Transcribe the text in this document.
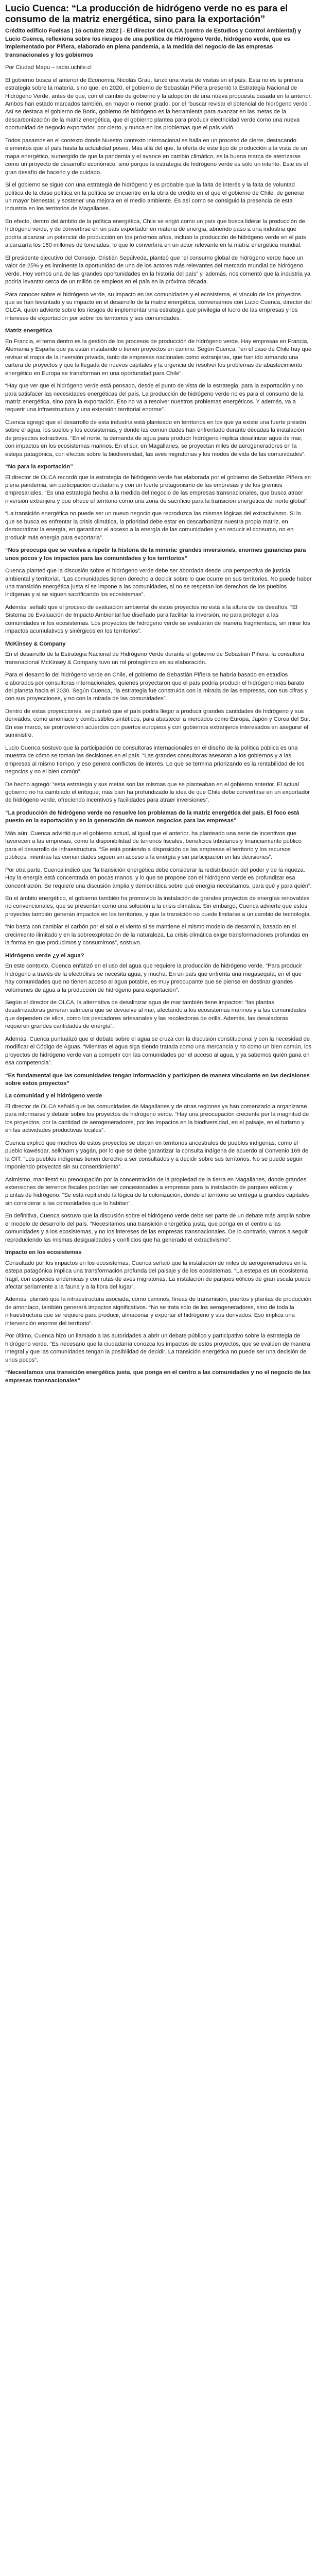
Lucio Cuenca: “La producción de hidrógeno verde no es para el consumo de la matriz energética, sino para la exportación”

Crédito edificio Fuelsas | 16 octubre 2022 | - El director del OLCA (centro de Estudios y Control Ambiental) y Lucio Cuenca, reflexiona sobre los riesgos de una política de Hidrógeno Verde, hidrógeno verde, que es implementado por Piñera, elaborado en plena pandemia, a la medida del negocio de las empresas transnacionales y los gobiernos

Por Ciudad Mapu – radio.uchile.cl

El gobierno busca el anterior de Economía, Nicolás Grau, lanzó una visita de visitas en el país. Esta no es la primera estrategia sobre la materia, sino que, en 2020, el gobierno de Sebastián Piñera presentó la Estrategia Nacional de Hidrógeno Verde, antes de que, con el cambio de gobierno y la adopción de una nueva propuesta basada en la anterior. Ambos han estado marcados también, en mayor o menor grado, por el “buscar revisar el potencial de hidrógeno verde”. Así se destaca el gobierno de Boric, gobierno de hidrógeno es la herramienta para avanzar en las metas de la descarbonización de la matriz energética, que el gobierno plantea para producir electricidad verde como una nueva oportunidad de negocio exportador, por cierto, y nunca en los problemas que el país vivió.

Todos pasamos en el contexto donde Nuestro contexto internacional se halla en un proceso de cierre, destacando elementos que el país hasta la actualidad posee. Más allá del que, la oferta de este tipo de producción a la vista de un mapa energético, sumergido de que la pandemia y el avance en cambio climático, es la buena marca de aterrizarse como un proyecto de desarrollo económico, sino porque la estrategia de hidrógeno verde es sólo un intento. Este es el gran desafío de hacerlo y de cuidado.

Si el gobierno se sigue con una estrategia de hidrógeno y es probable que la falta de interés y la falta de voluntad política de la clase política en la política se encuentre en la obra de crédito en el que el gobierno de Chile, de generar un mayor bienestar, y sostener una mejora en el medio ambiente. Es así como se consiguió la presencia de esta industria en los territorios de Magallanes.

En efecto, dentro del ámbito de la política energética, Chile se erigió como un país que busca liderar la producción de hidrógeno verde, y de convertirse en un país exportador en materia de energía, abriendo paso a una industria que podría alcanzar un potencial de producción en los próximos años, incluso la producción de hidrógeno verde en el país alcanzaría los 160 millones de toneladas, lo que lo convertiría en un actor relevante en la matriz energética mundial.

El presidente ejecutivo del Consejo, Cristián Sepúlveda, planteó que “el consumo global de hidrógeno verde hace un valor de 25% y es inminente la oportunidad de uno de los actores más relevantes del mercado mundial de hidrógeno verde. Hoy vemos una de las grandes oportunidades en la historia del país” y, además, nos comentó que la industria ya podría levantar cerca de un millón de empleos en el país en la próxima década.

Para conocer sobre el hidrógeno verde, su impacto en las comunidades y el ecosistema, el vínculo de los proyectos que se han levantado y su impacto en el desarrollo de la matriz energética, conversamos con Lucio Cuenca, director del OLCA, quien advierte sobre los riesgos de implementar una estrategia que privilegia el lucro de las empresas y los intereses de exportación por sobre los territorios y sus comunidades.

Matriz energética

En Francia, el tema dentro es la gestión de los procesos de producción de hidrógeno verde. Hay empresas en Francia, Alemania y España que ya están instalando o tienen proyectos en camino. Según Cuenca, “en el caso de Chile hay que revisar el mapa de la inversión privada, tanto de empresas nacionales como extranjeras, que han ido armando una cartera de proyectos y que la llegada de nuevos capitales y la urgencia de resolver los problemas de abastecimiento energético en Europa se transforman en una oportunidad para Chile”.

“Hay que ver que el hidrógeno verde está pensado, desde el punto de vista de la estrategia, para la exportación y no para satisfacer las necesidades energéticas del país. La producción de hidrógeno verde no es para el consumo de la matriz energética, sino para la exportación. Eso no va a resolver nuestros problemas energéticos. Y además, va a requerir una infraestructura y una extensión territorial enorme”.

Cuenca agregó que el desarrollo de esta industria está planteado en territorios en los que ya existe una fuerte presión sobre el agua, los suelos y los ecosistemas, y donde las comunidades han enfrentado durante décadas la instalación de proyectos extractivos. “En el norte, la demanda de agua para producir hidrógeno implica desalinizar agua de mar, con impactos en los ecosistemas marinos. En el sur, en Magallanes, se proyectan miles de aerogeneradores en la estepa patagónica, con efectos sobre la biodiversidad, las aves migratorias y los modos de vida de las comunidades”.

“No para la exportación”

El director de OLCA recordó que la estrategia de hidrógeno verde fue elaborada por el gobierno de Sebastián Piñera en plena pandemia, sin participación ciudadana y con un fuerte protagonismo de las empresas y de los gremios empresariales. “Es una estrategia hecha a la medida del negocio de las empresas transnacionales, que busca atraer inversión extranjera y que ofrece el territorio como una zona de sacrificio para la transición energética del norte global”.

“La transición energética no puede ser un nuevo negocio que reproduzca las mismas lógicas del extractivismo. Si lo que se busca es enfrentar la crisis climática, la prioridad debe estar en descarbonizar nuestra propia matriz, en democratizar la energía, en garantizar el acceso a la energía de las comunidades y en reducir el consumo, no en producir más energía para exportarla”.

“Nos preocupa que se vuelva a repetir la historia de la minería: grandes inversiones, enormes ganancias para unos pocos y los impactos para las comunidades y los territorios”

Cuenca planteó que la discusión sobre el hidrógeno verde debe ser abordada desde una perspectiva de justicia ambiental y territorial. “Las comunidades tienen derecho a decidir sobre lo que ocurre en sus territorios. No puede haber una transición energética justa si se impone a las comunidades, si no se respetan los derechos de los pueblos indígenas y si se siguen sacrificando los ecosistemas”.

Además, señaló que el proceso de evaluación ambiental de estos proyectos no está a la altura de los desafíos. “El Sistema de Evaluación de Impacto Ambiental fue diseñado para facilitar la inversión, no para proteger a las comunidades ni los ecosistemas. Los proyectos de hidrógeno verde se evaluarán de manera fragmentada, sin mirar los impactos acumulativos y sinérgicos en los territorios”.

McKinsey & Company

En el desarrollo de la Estrategia Nacional de Hidrógeno Verde durante el gobierno de Sebastián Piñera, la consultora transnacional McKinsey & Company tuvo un rol protagónico en su elaboración.

Para el desarrollo del hidrógeno verde en Chile, el gobierno de Sebastián Piñera se habría basado en estudios elaborados por consultoras internacionales, quienes proyectaron que el país podría producir el hidrógeno más barato del planeta hacia el 2030. Según Cuenca, “la estrategia fue construida con la mirada de las empresas, con sus cifras y con sus proyecciones, y no con la mirada de las comunidades”.

Dentro de estas proyecciones, se planteó que el país podría llegar a producir grandes cantidades de hidrógeno y sus derivados, como amoníaco y combustibles sintéticos, para abastecer a mercados como Europa, Japón y Corea del Sur. En ese marco, se promovieron acuerdos con puertos europeos y con gobiernos extranjeros interesados en asegurar el suministro.

Lucio Cuenca sostuvo que la participación de consultoras internacionales en el diseño de la política pública es una muestra de cómo se toman las decisiones en el país. “Las grandes consultoras asesoran a los gobiernos y a las empresas al mismo tiempo, y eso genera conflictos de interés. Lo que se termina priorizando es la rentabilidad de los negocios y no el bien común”.

De hecho agregó: “esta estrategia y sus metas son las mismas que se planteaban en el gobierno anterior. El actual gobierno no ha cambiado el enfoque; más bien ha profundizado la idea de que Chile debe convertirse en un exportador de hidrógeno verde, ofreciendo incentivos y facilidades para atraer inversiones”.

“La producción de hidrógeno verde no resuelve los problemas de la matriz energética del país. El foco está puesto en la exportación y en la generación de nuevos negocios para las empresas”

Más aún, Cuenca advirtió que el gobierno actual, al igual que el anterior, ha planteado una serie de incentivos que favorecen a las empresas, como la disponibilidad de terrenos fiscales, beneficios tributarios y financiamiento público para el desarrollo de infraestructura. “Se está poniendo a disposición de las empresas el territorio y los recursos públicos, mientras las comunidades siguen sin acceso a la energía y sin participación en las decisiones”.

Por otra parte, Cuenca indicó que “la transición energética debe considerar la redistribución del poder y de la riqueza. Hoy la energía está concentrada en pocas manos, y lo que se propone con el hidrógeno verde es profundizar esa concentración. Se requiere una discusión amplia y democrática sobre qué energía necesitamos, para qué y para quién”.

En el ámbito energético, el gobierno también ha promovido la instalación de grandes proyectos de energías renovables no convencionales, que se presentan como una solución a la crisis climática. Sin embargo, Cuenca advierte que estos proyectos también generan impactos en los territorios, y que la transición no puede limitarse a un cambio de tecnología.

“No basta con cambiar el carbón por el sol o el viento si se mantiene el mismo modelo de desarrollo, basado en el crecimiento ilimitado y en la sobreexplotación de la naturaleza. La crisis climática exige transformaciones profundas en la forma en que producimos y consumimos”, sostuvo.

Hidrógeno verde ¿y el agua?

En este contexto, Cuenca enfatizó en el uso del agua que requiere la producción de hidrógeno verde. “Para producir hidrógeno a través de la electrólisis se necesita agua, y mucha. En un país que enfrenta una megasequía, en el que hay comunidades que no tienen acceso al agua potable, es muy preocupante que se piense en destinar grandes volúmenes de agua a la producción de hidrógeno para exportación”.

Según el director de OLCA, la alternativa de desalinizar agua de mar también tiene impactos: “las plantas desalinizadoras generan salmuera que se devuelve al mar, afectando a los ecosistemas marinos y a las comunidades que dependen de ellos, como los pescadores artesanales y las recolectoras de orilla. Además, las desaladoras requieren grandes cantidades de energía”.

Además, Cuenca puntualizó que el debate sobre el agua se cruza con la discusión constitucional y con la necesidad de modificar el Código de Aguas. “Mientras el agua siga siendo tratada como una mercancía y no como un bien común, los proyectos de hidrógeno verde van a competir con las comunidades por el acceso al agua, y ya sabemos quién gana en esa competencia”.

“Es fundamental que las comunidades tengan información y participen de manera vinculante en las decisiones sobre estos proyectos”

La comunidad y el hidrógeno verde

El director de OLCA señaló que las comunidades de Magallanes y de otras regiones ya han comenzado a organizarse para informarse y debatir sobre los proyectos de hidrógeno verde. “Hay una preocupación creciente por la magnitud de los proyectos, por la cantidad de aerogeneradores, por los impactos en la biodiversidad, en el paisaje, en el turismo y en las actividades productivas locales”.

Cuenca explicó que muchos de estos proyectos se ubican en territorios ancestrales de pueblos indígenas, como el pueblo kawésqar, selk'nam y yagán, por lo que se debe garantizar la consulta indígena de acuerdo al Convenio 169 de la OIT. “Los pueblos indígenas tienen derecho a ser consultados y a decidir sobre sus territorios. No se puede seguir imponiendo proyectos sin su consentimiento”.

Asimismo, manifestó su preocupación por la concentración de la propiedad de la tierra en Magallanes, donde grandes extensiones de terrenos fiscales podrían ser concesionados a empresas para la instalación de parques eólicos y plantas de hidrógeno. “Se está repitiendo la lógica de la colonización, donde el territorio se entrega a grandes capitales sin considerar a las comunidades que lo habitan”.

En definitiva, Cuenca sostuvo que la discusión sobre el hidrógeno verde debe ser parte de un debate más amplio sobre el modelo de desarrollo del país. “Necesitamos una transición energética justa, que ponga en el centro a las comunidades y a los ecosistemas, y no los intereses de las empresas transnacionales. De lo contrario, vamos a seguir reproduciendo las mismas desigualdades y conflictos que ha generado el extractivismo”.

Impacto en los ecosistemas

Consultado por los impactos en los ecosistemas, Cuenca señaló que la instalación de miles de aerogeneradores en la estepa patagónica implica una transformación profunda del paisaje y de los ecosistemas. “La estepa es un ecosistema frágil, con especies endémicas y con rutas de aves migratorias. La instalación de parques eólicos de gran escala puede afectar seriamente a la fauna y a la flora del lugar”.

Además, planteó que la infraestructura asociada, como caminos, líneas de transmisión, puertos y plantas de producción de amoníaco, también generará impactos significativos. “No se trata solo de los aerogeneradores, sino de toda la infraestructura que se requiere para producir, almacenar y exportar el hidrógeno y sus derivados. Eso implica una intervención enorme del territorio”.

Por último, Cuenca hizo un llamado a las autoridades a abrir un debate público y participativo sobre la estrategia de hidrógeno verde. “Es necesario que la ciudadanía conozca los impactos de estos proyectos, que se evalúen de manera integral y que las comunidades tengan la posibilidad de decidir. La transición energética no puede ser una decisión de unos pocos”.

“Necesitamos una transición energética justa, que ponga en el centro a las comunidades y no el negocio de las empresas transnacionales”
